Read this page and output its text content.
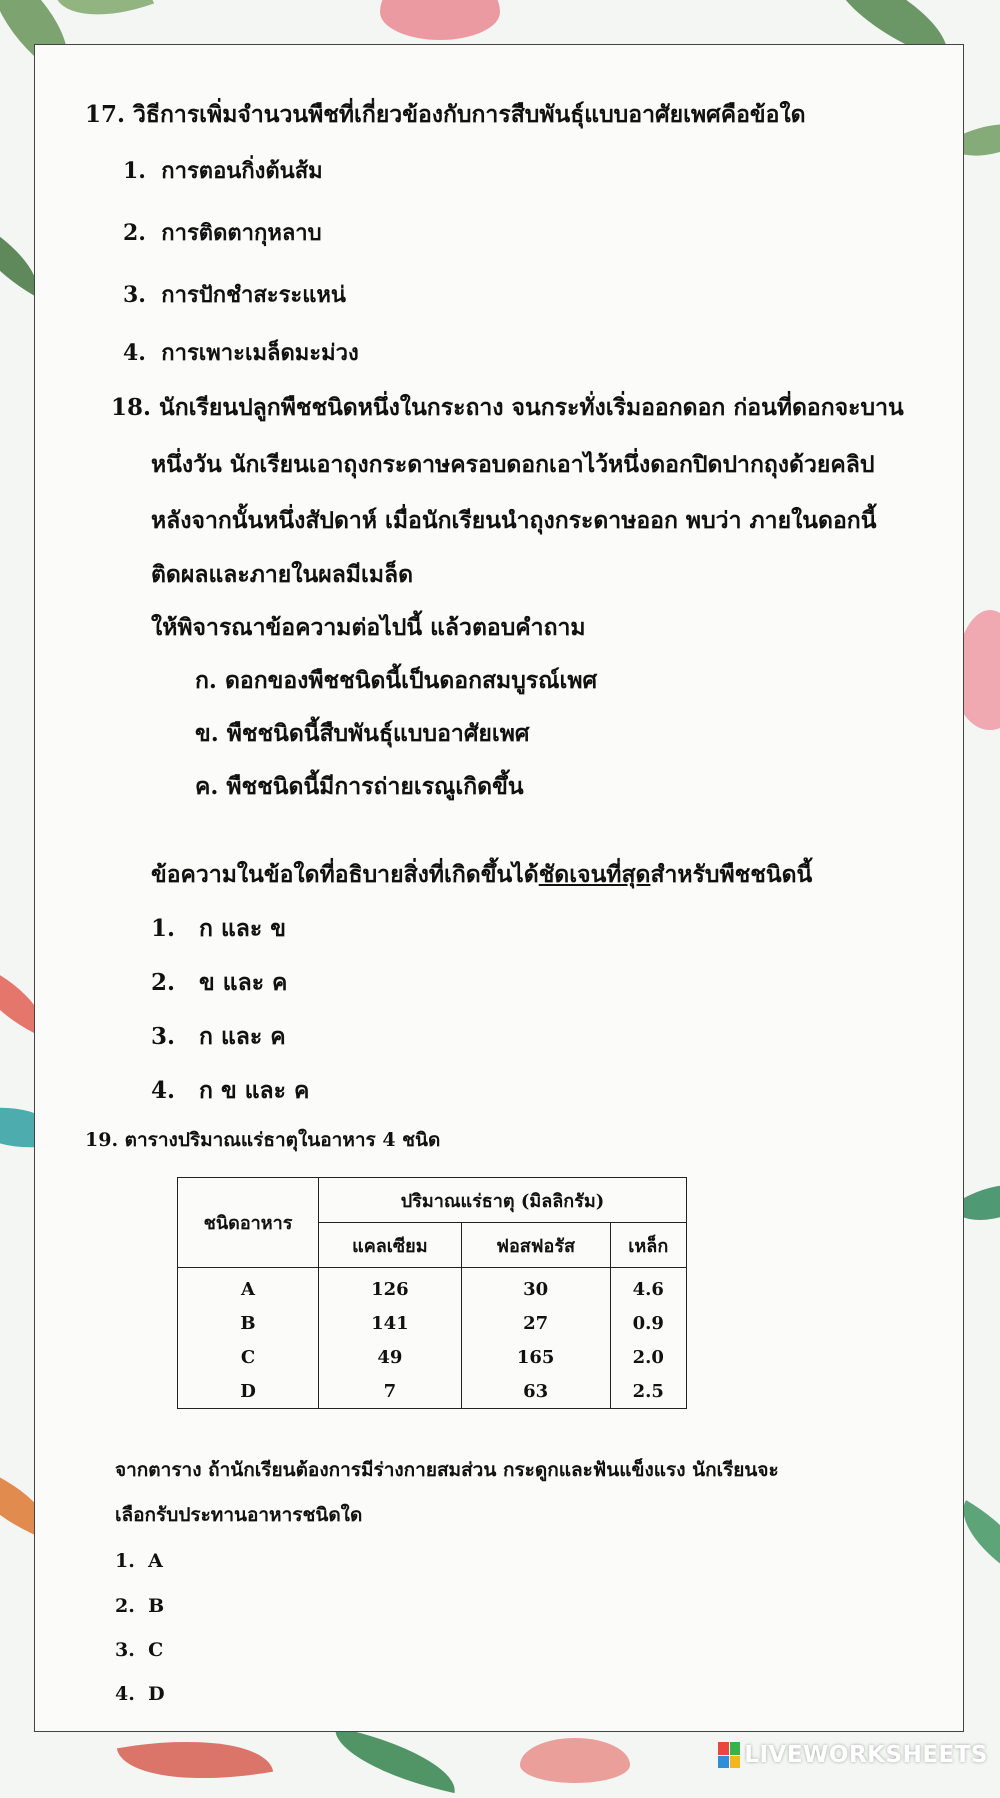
17. วิธีการเพิ่มจำนวนพืชที่เกี่ยวข้องกับการสืบพันธุ์แบบอาศัยเพศคือข้อใด
1. การตอนกิ่งต้นส้ม
2. การติดตากุหลาบ
3. การปักชำสะระแหน่
4. การเพาะเมล็ดมะม่วง
18. นักเรียนปลูกพืชชนิดหนึ่งในกระถาง จนกระทั่งเริ่มออกดอก ก่อนที่ดอกจะบาน
หนึ่งวัน นักเรียนเอาถุงกระดาษครอบดอกเอาไว้หนึ่งดอกปิดปากถุงด้วยคลิป
หลังจากนั้นหนึ่งสัปดาห์ เมื่อนักเรียนนำถุงกระดาษออก พบว่า ภายในดอกนี้
ติดผลและภายในผลมีเมล็ด
ให้พิจารณาข้อความต่อไปนี้ แล้วตอบคำถาม
ก. ดอกของพืชชนิดนี้เป็นดอกสมบูรณ์เพศ
ข. พืชชนิดนี้สืบพันธุ์แบบอาศัยเพศ
ค. พืชชนิดนี้มีการถ่ายเรณูเกิดขึ้น
ข้อความในข้อใดที่อธิบายสิ่งที่เกิดขึ้นได้ชัดเจนที่สุดสำหรับพืชชนิดนี้
1. ก และ ข
2. ข และ ค
3. ก และ ค
4. ก ข และ ค
19. ตารางปริมาณแร่ธาตุในอาหาร 4 ชนิด
ชนิดอาหาร	ปริมาณแร่ธาตุ (มิลลิกรัม)		
	แคลเซียม	ฟอสฟอรัส	เหล็ก
A	126	30	4.6
B	141	27	0.9
C	49	165	2.0
D	7	63	2.5
จากตาราง ถ้านักเรียนต้องการมีร่างกายสมส่วน กระดูกและฟันแข็งแรง นักเรียนจะ
เลือกรับประทานอาหารชนิดใด
1. A
2. B
3. C
4. D
LIVEWORKSHEETS
